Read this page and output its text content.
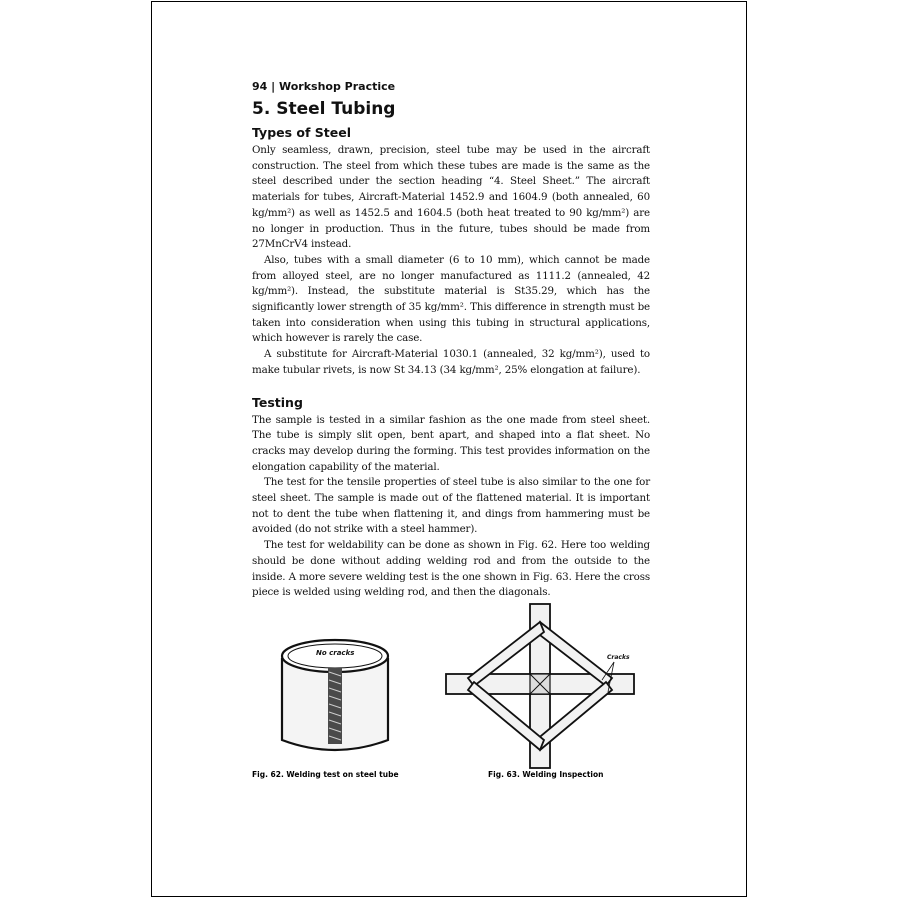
94 | Workshop Practice
5. Steel Tubing
Types of Steel

Only seamless, drawn, precision, steel tube may be used in the aircraft construction. The steel from which these tubes are made is the same as the steel described under the section heading “4. Steel Sheet.” The aircraft materials for tubes, Aircraft-Material 1452.9 and 1604.9 (both annealed, 60 kg/mm²) as well as 1452.5 and 1604.5 (both heat treated to 90 kg/mm²) are no longer in production. Thus in the future, tubes should be made from 27MnCrV4 instead.

Also, tubes with a small diameter (6 to 10 mm), which cannot be made from alloyed steel, are no longer manufactured as 1111.2 (annealed, 42 kg/mm²). Instead, the substitute material is St35.29, which has the significantly lower strength of 35 kg/mm². This difference in strength must be taken into consideration when using this tubing in structural applications, which however is rarely the case.

A substitute for Aircraft-Material 1030.1 (annealed, 32 kg/mm²), used to make tubular rivets, is now St 34.13 (34 kg/mm², 25% elongation at failure).

Testing

The sample is tested in a similar fashion as the one made from steel sheet. The tube is simply slit open, bent apart, and shaped into a flat sheet. No cracks may develop during the forming. This test provides information on the elongation capability of the material.

The test for the tensile properties of steel tube is also similar to the one for steel sheet. The sample is made out of the flattened material. It is important not to dent the tube when flattening it, and dings from hammering must be avoided (do not strike with a steel hammer).

The test for weldability can be done as shown in Fig. 62. Here too welding should be done without adding welding rod and from the outside to the inside. A more severe welding test is the one shown in Fig. 63. Here the cross piece is welded using welding rod, and then the diagonals.

No cracks
Cracks
Fig. 62. Welding test on steel tube	Fig. 63. Welding Inspection
